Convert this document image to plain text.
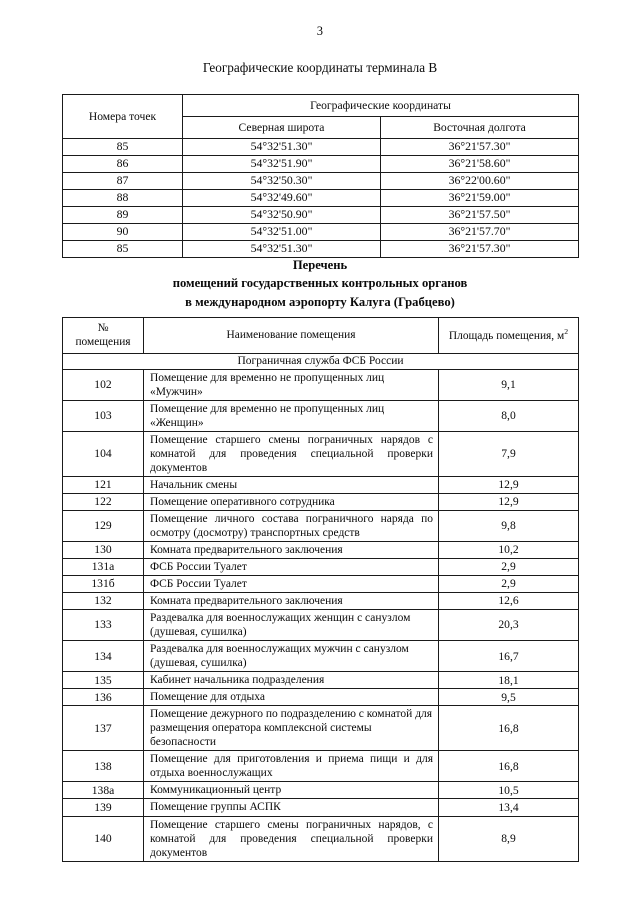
3
Географические координаты терминала В
Номера точек	Географические координаты	
	Северная широта	Восточная долгота
85	54°32'51.30"	36°21'57.30"
86	54°32'51.90"	36°21'58.60"
87	54°32'50.30"	36°22'00.60"
88	54°32'49.60"	36°21'59.00"
89	54°32'50.90"	36°21'57.50"
90	54°32'51.00"	36°21'57.70"
85	54°32'51.30"	36°21'57.30"
Перечень
помещений государственных контрольных органов
в международном аэропорту Калуга (Грабцево)
№
помещения	Наименование помещения	Площадь помещения, $м^2$
Пограничная служба ФСБ России		
102	Помещение для временно не пропущенных лиц «Мужчин»	9,1
103	Помещение для временно не пропущенных лиц «Женщин»	8,0
104	Помещение старшего смены пограничных нарядов с комнатой для проведения специальной проверки документов	7,9
121	Начальник смены	12,9
122	Помещение оперативного сотрудника	12,9
129	Помещение личного состава пограничного наряда по осмотру (досмотру) транспортных средств	9,8
130	Комната предварительного заключения	10,2
131а	ФСБ России Туалет	2,9
131б	ФСБ России Туалет	2,9
132	Комната предварительного заключения	12,6
133	Раздевалка для военнослужащих женщин с санузлом (душевая, сушилка)	20,3
134	Раздевалка для военнослужащих мужчин с санузлом (душевая, сушилка)	16,7
135	Кабинет начальника подразделения	18,1
136	Помещение для отдыха	9,5
137	Помещение дежурного по подразделению с комнатой для размещения оператора комплексной системы безопасности	16,8
138	Помещение для приготовления и приема пищи и для отдыха военнослужащих	16,8
138а	Коммуникационный центр	10,5
139	Помещение группы АСПК	13,4
140	Помещение старшего смены пограничных нарядов, с комнатой для проведения специальной проверки документов	8,9
